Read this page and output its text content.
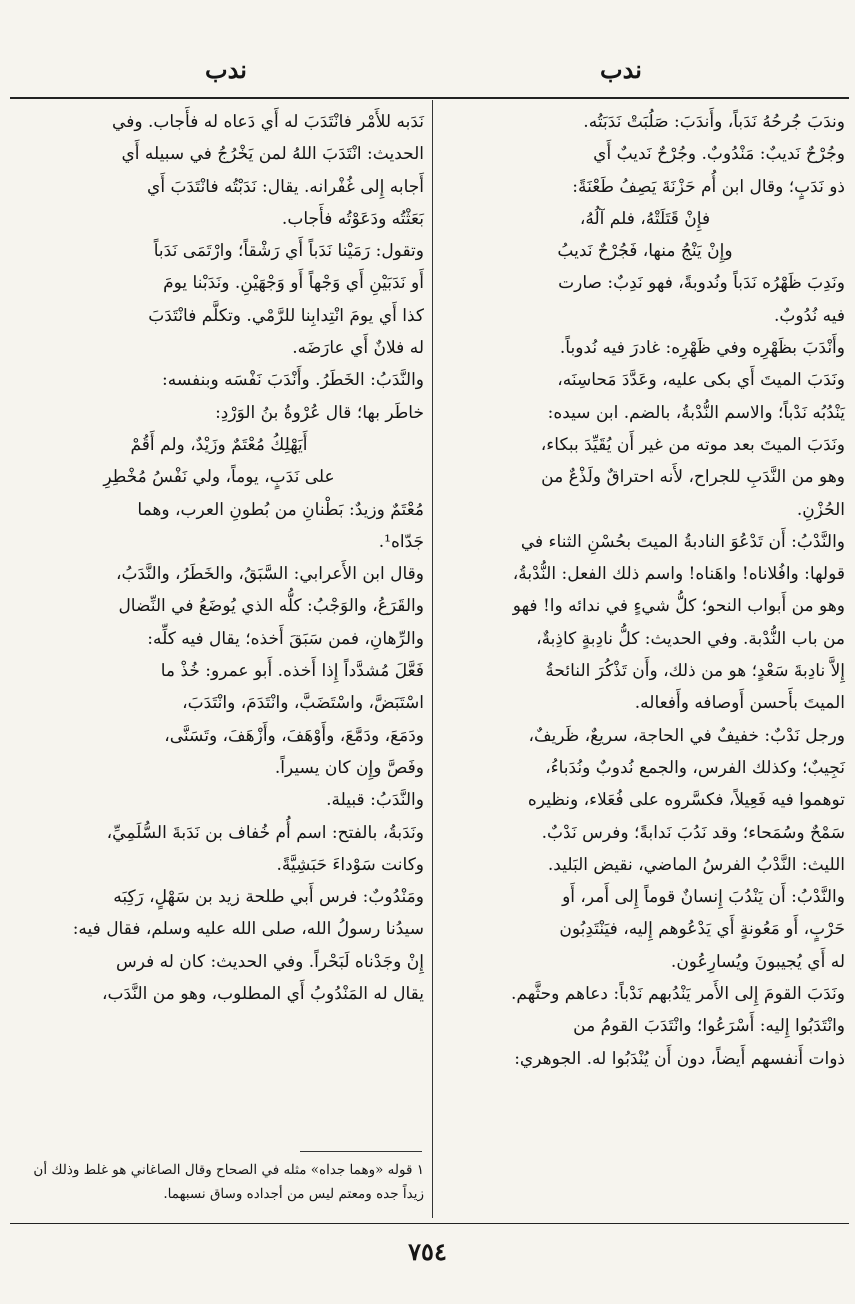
ندب	ندب

وندَبَ جُرحُهُ نَدَباً، وأَندَبَ: صَلُبَتْ نَدَبَتُه.

وجُرْحٌ نَديبٌ: مَنْدُوبٌ. وجُرْحٌ نَديبٌ أَي

ذو نَدَبٍ؛ وقال ابن أُم حَزْنَةَ يَصِفُ طَعْنَةً:

فإِنْ قَتَلَتْهُ، فلم آلُهُ،

وإِنْ يَنْجُ منها، فَجُرْحٌ نَديبُ

ونَدِبَ ظَهْرُه نَدَباً ونُدوبةً، فهو نَدِبٌ: صارت

فيه نُدُوبٌ.

وأَنْدَبَ بظَهْرِه وفي ظَهْرِه: غادرَ فيه نُدوباً.

ونَدَبَ الميتَ أَي بكى عليه، وعَدَّدَ مَحاسِنَه،

يَنْدُبُه نَدْباً؛ والاسم النُّدْبةُ، بالضم. ابن سيده:

ونَدَبَ الميتَ بعد موته من غير أَن يُقَيِّدَ ببكاء،

وهو من النَّدَبِ للجراح، لأَنه احتراقٌ ولَذْعٌ من

الحُزْنِ.

والنَّدْبُ: أَن تَدْعُوَ النادبةُ الميتَ بحُسْنِ الثناء في

قولها: وافُلاناه! واهَناه! واسم ذلك الفعل: النُّدْبةُ،

وهو من أَبواب النحو؛ كلُّ شيءٍ في ندائه وا! فهو

من باب النُّدْبة. وفي الحديث: كلُّ نادِبةٍ كاذِبةٌ،

إِلاَّ نادِبةَ سَعْدٍ؛ هو من ذلك، وأَن تَذْكُرَ النائحةُ

الميتَ بأَحسن أَوصافه وأَفعاله.

ورجل نَدْبٌ: خفيفٌ في الحاجة، سريعٌ، ظَريفٌ،

نَجِيبٌ؛ وكذلك الفرس، والجمع نُدوبٌ ونُدَباءُ،

توهموا فيه فَعِيلاً، فكسَّروه على فُعَلاء، ونظيره

سَمْحٌ وسُمَحاء؛ وقد نَدُبَ نَدابةً؛ وفرس نَدْبٌ.

الليث: النَّدْبُ الفرسُ الماضي، نقيض البَليد.

والنَّدْبُ: أَن يَنْدُبَ إِنسانٌ قوماً إِلى أَمر، أَو

حَرْبٍ، أَو مَعُونةٍ أَي يَدْعُوهم إِليه، فيَنْتَدِبُون

له أَي يُجيبونَ ويُسارِعُون.

ونَدَبَ القومَ إِلى الأَمر يَنْدُبهم نَدْباً: دعاهم وحثَّهم.

وانْتَدَبُوا إِليه: أَسْرَعُوا؛ وانْتَدَبَ القومُ من

ذوات أَنفسهم أَيضاً، دون أَن يُنْدَبُوا له. الجوهري:

نَدَبه للأَمْر فانْتَدَبَ له أَي دَعاه له فأَجاب. وفي

الحديث: انْتَدَبَ اللهُ لمن يَخْرُجُ في سبيله أَي

أَجابه إِلى غُفْرانه. يقال: نَدَبْتُه فانْتَدَبَ أَي

بَعَثْتُه ودَعَوْتُه فأَجاب.

وتقول: رَمَيْنا نَدَباً أَي رَشْقاً؛ وارْتَمَى نَدَباً

أَو نَدَبَيْنِ أَي وَجْهاً أَو وَجْهَيْنِ. ونَدَبْنا يومَ

كذا أَي يومَ انْتِدابِنا للرَّمْي. وتكلَّم فانْتَدَبَ

له فلانٌ أَي عارَضَه.

والنَّدَبُ: الخَطَرُ. وأَنْدَبَ نَفْسَه وبنفسه:

خاطَر بها؛ قال عُرْوةُ بنُ الوَرْدِ:

أَيَهْلِكُ مُعْتَمٌ وزَيْدٌ، ولم أَقُمْ

على نَدَبٍ، يوماً، ولي نَفْسُ مُخْطِرِ

مُعْتَمٌ وزيدٌ: بَطْنانِ من بُطونِ العرب، وهما

جَدّاه¹.

وقال ابن الأَعرابي: السَّبَقُ، والخَطَرُ، والنَّدَبُ،

والقَرَعُ، والوَجْبُ: كلُّه الذي يُوضَعُ في النِّضال

والرِّهانِ، فمن سَبَقَ أَخذه؛ يقال فيه كلِّه:

فَعَّلَ مُشدَّداً إِذا أَخذه. أَبو عمرو: خُذْ ما

اسْتَبَضَّ، واسْتَضَبَّ، وانْتَدَمَ، وانْتَدَبَ،

ودَمَعَ، ودَمَّعَ، وأَوْهَفَ، وأَزْهَفَ، وتَسَنَّى،

وفَصَّ وإِن كان يسيراً.

والنَّدَبُ: قبيلة.

ونَدَبةُ، بالفتح: اسم أُم خُفاف بن نَدَبةَ السُّلَمِيِّ،

وكانت سَوْداءَ حَبَشِيَّةً.

ومَنْدُوبٌ: فرس أَبي طلحة زيد بن سَهْلٍ، رَكِبَه

سيدُنا رسولُ الله، صلى الله عليه وسلم، فقال فيه:

إِنْ وجَدْناه لَبَحْراً. وفي الحديث: كان له فرس

يقال له المَنْدُوبُ أَي المطلوب، وهو من النَّدَب،

١ قوله «وهما جداه» مثله في الصحاح وقال الصاغاني هو غلط وذلك أن
زيداً جده ومعتم ليس من أجداده وساق نسبهما.
٧٥٤
